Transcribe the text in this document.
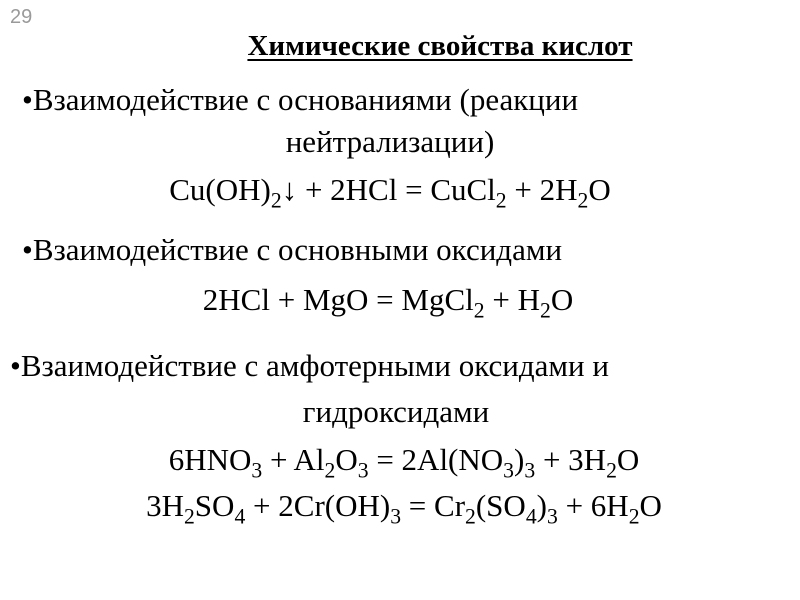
29
Химические свойства кислот
•Взаимодействие с основаниями (реакции
нейтрализации)
$Cu(OH)_2↓ + 2HCl$ = CuCl$_2$ + $2H_2O$
•Взаимодействие с основными оксидами
2HCl + MgO = MgCl$_2$ + $H_2O$
•Взаимодействие с амфотерными оксидами и
гидроксидами
$6HNO_3 + Al_2O_3 = 2Al(NO_3)_3 + 3H_2O$
$3H_2SO_4 + 2Cr(OH)_3 = Cr_2(SO_4)_3 + 6H_2O$
